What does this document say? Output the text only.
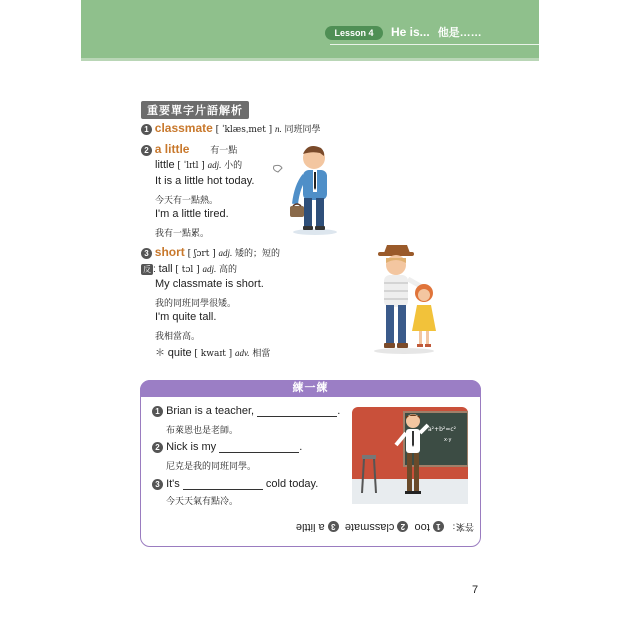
Lesson 4	He is... 他是……
重要單字片語解析
1 classmate [ ˈklæsˌmet ] n. 同班同學
2 a little 有一點
little [ ˈlɪtl ] adj. 小的
It is a little hot today.
今天有一點熱。
I'm a little tired.
我有一點累。
3 short [ ʃɔrt ] adj. 矮的；短的
反 : tall [ tɔl ] adj. 高的
My classmate is short.
我的同班同學很矮。
I'm quite tall.
我相當高。
＊ quite [ kwaɪt ] adv. 相當
練一練
1 Brian is a teacher,	.
布萊恩也是老師。
2 Nick is my	.
尼克是我的同班同學。
3 It's	cold today.
今天天氣有點冷。
a²+b²=c²
x·y
答案： 1 too  2 classmate  3 a little
7
